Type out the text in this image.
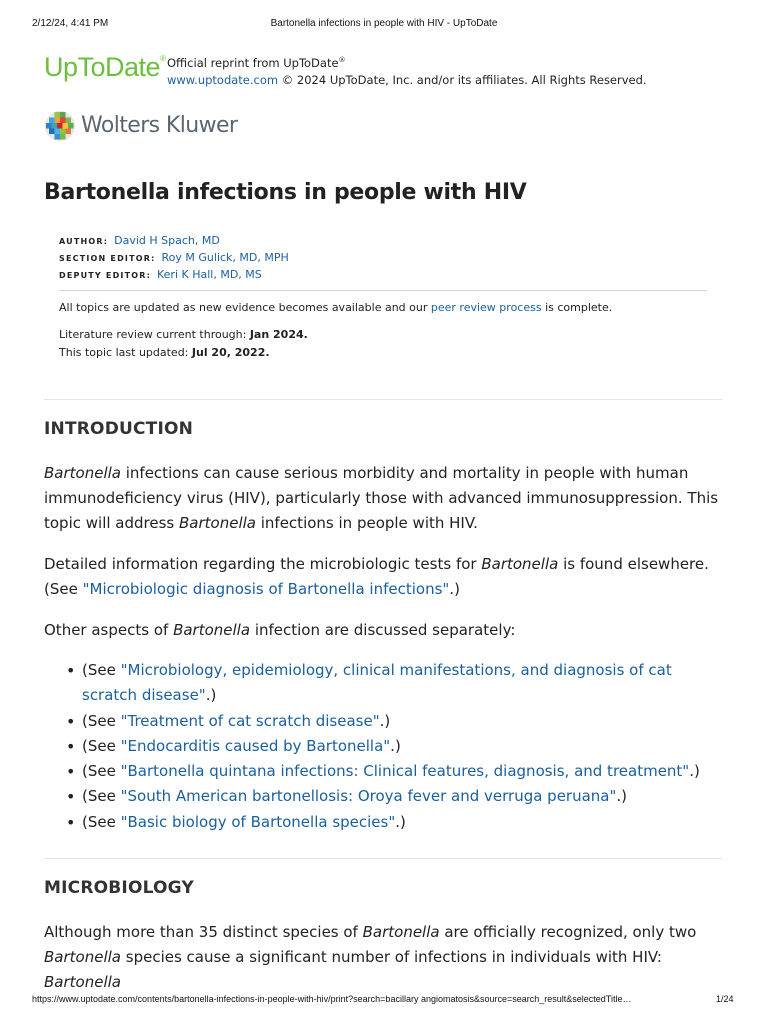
2/12/24, 4:41 PM	Bartonella infections in people with HIV - UpToDate
UpToDate® Official reprint from UpToDate®
www.uptodate.com © 2024 UpToDate, Inc. and/or its affiliates. All Rights Reserved.
Wolters Kluwer
Bartonella infections in people with HIV
AUTHOR: David H Spach, MD
SECTION EDITOR: Roy M Gulick, MD, MPH
DEPUTY EDITOR: Keri K Hall, MD, MS
All topics are updated as new evidence becomes available and our peer review process is complete.
Literature review current through: Jan 2024.
This topic last updated: Jul 20, 2022.
INTRODUCTION

Bartonella infections can cause serious morbidity and mortality in people with human immunodeficiency virus (HIV), particularly those with advanced immunosuppression. This topic will address Bartonella infections in people with HIV.

Detailed information regarding the microbiologic tests for Bartonella is found elsewhere. (See "Microbiologic diagnosis of Bartonella infections".)

Other aspects of Bartonella infection are discussed separately:

• (See "Microbiology, epidemiology, clinical manifestations, and diagnosis of cat scratch disease".)
• (See "Treatment of cat scratch disease".)
• (See "Endocarditis caused by Bartonella".)
• (See "Bartonella quintana infections: Clinical features, diagnosis, and treatment".)
• (See "South American bartonellosis: Oroya fever and verruga peruana".)
• (See "Basic biology of Bartonella species".)
MICROBIOLOGY

Although more than 35 distinct species of Bartonella are officially recognized, only two Bartonella species cause a significant number of infections in individuals with HIV: Bartonella

https://www.uptodate.com/contents/bartonella-infections-in-people-with-hiv/print?search=bacillary angiomatosis&source=search_result&selectedTitle…	1/24
